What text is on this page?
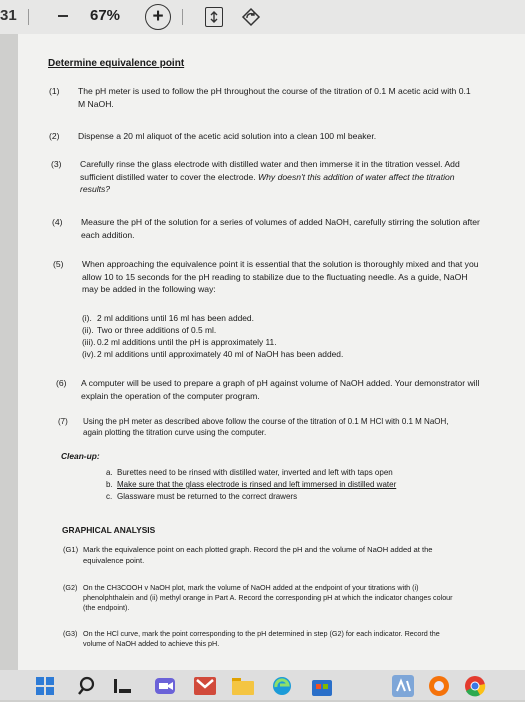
31	67%	+
Determine equivalence point
(1) The pH meter is used to follow the pH throughout the course of the titration of 0.1 M acetic acid with 0.1 M NaOH.
(2) Dispense a 20 ml aliquot of the acetic acid solution into a clean 100 ml beaker.
(3) Carefully rinse the glass electrode with distilled water and then immerse it in the titration vessel. Add sufficient distilled water to cover the electrode. Why doesn't this addition of water affect the titration results?
(4) Measure the pH of the solution for a series of volumes of added NaOH, carefully stirring the solution after each addition.
(5) When approaching the equivalence point it is essential that the solution is thoroughly mixed and that you allow 10 to 15 seconds for the pH reading to stabilize due to the fluctuating needle. As a guide, NaOH may be added in the following way:
(i). 2 ml additions until 16 ml has been added.
(ii). Two or three additions of 0.5 ml.
(iii). 0.2 ml additions until the pH is approximately 11.
(iv).2 ml additions until approximately 40 ml of NaOH has been added.
(6) A computer will be used to prepare a graph of pH against volume of NaOH added. Your demonstrator will explain the operation of the computer program.
(7) Using the pH meter as described above follow the course of the titration of 0.1 M HCl with 0.1 M NaOH, again plotting the titration curve using the computer.
Clean-up:
a. Burettes need to be rinsed with distilled water, inverted and left with taps open
b. Make sure that the glass electrode is rinsed and left immersed in distilled water
c. Glassware must be returned to the correct drawers
GRAPHICAL ANALYSIS
(G1) Mark the equivalence point on each plotted graph. Record the pH and the volume of NaOH added at the equivalence point.
(G2) On the CH3COOH v NaOH plot, mark the volume of NaOH added at the endpoint of your titrations with (i) phenolphthalein and (ii) methyl orange in Part A. Record the corresponding pH at which the indicator changes colour (the endpoint).
(G3) On the HCl curve, mark the point corresponding to the pH determined in step (G2) for each indicator. Record the volume of NaOH added to achieve this pH.
